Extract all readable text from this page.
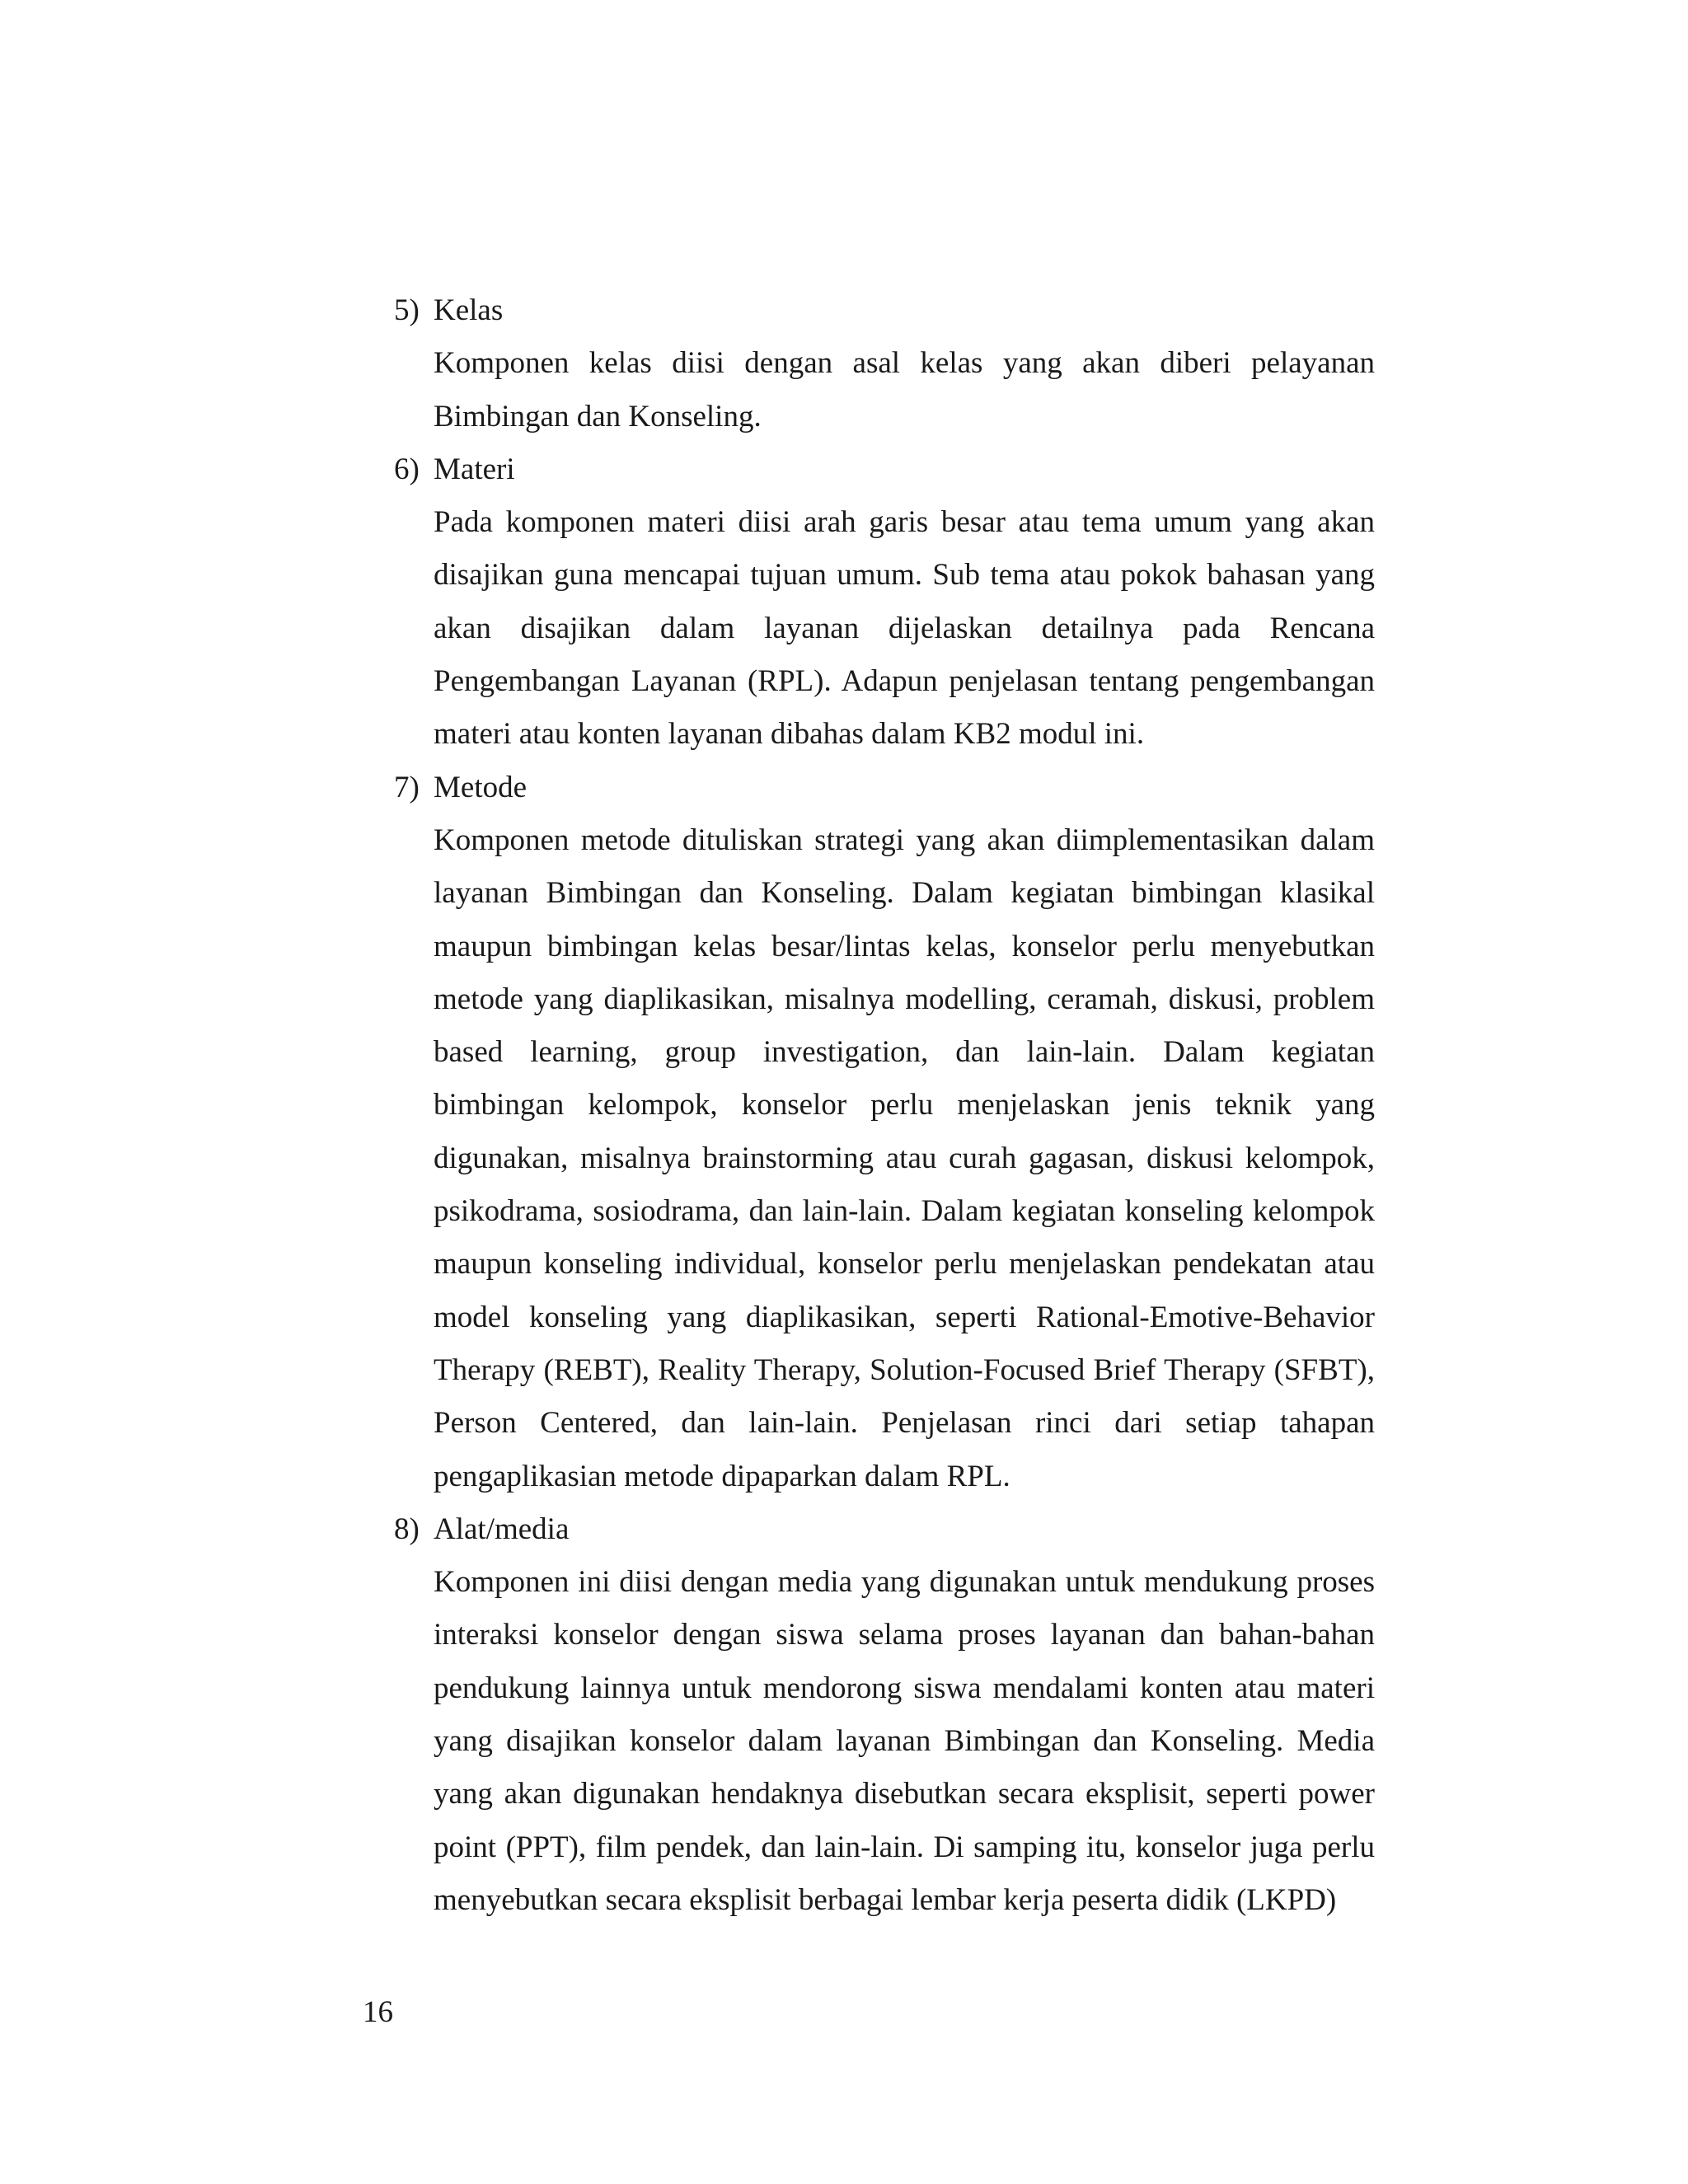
5) Kelas

Komponen kelas diisi dengan asal kelas yang akan diberi pelayanan Bimbingan dan Konseling.

6) Materi

Pada komponen materi diisi arah garis besar atau tema umum yang akan disajikan guna mencapai tujuan umum. Sub tema atau pokok bahasan yang akan disajikan dalam layanan dijelaskan detailnya pada Rencana Pengembangan Layanan (RPL). Adapun penjelasan tentang pengembangan materi atau konten layanan dibahas dalam KB2 modul ini.

7) Metode

Komponen metode dituliskan strategi yang akan diimplementasikan dalam layanan Bimbingan dan Konseling. Dalam kegiatan bimbingan klasikal maupun bimbingan kelas besar/lintas kelas, konselor perlu menyebutkan metode yang diaplikasikan, misalnya modelling, ceramah, diskusi, problem based learning, group investigation, dan lain-lain. Dalam kegiatan bimbingan kelompok, konselor perlu menjelaskan jenis teknik yang digunakan, misalnya brainstorming atau curah gagasan, diskusi kelompok, psikodrama, sosiodrama, dan lain-lain. Dalam kegiatan konseling kelompok maupun konseling individual, konselor perlu menjelaskan pendekatan atau model konseling yang diaplikasikan, seperti Rational-Emotive-Behavior Therapy (REBT), Reality Therapy, Solution-Focused Brief Therapy (SFBT), Person Centered, dan lain-lain. Penjelasan rinci dari setiap tahapan pengaplikasian metode dipaparkan dalam RPL.

8) Alat/media

Komponen ini diisi dengan media yang digunakan untuk mendukung proses interaksi konselor dengan siswa selama proses layanan dan bahan-bahan pendukung lainnya untuk mendorong siswa mendalami konten atau materi yang disajikan konselor dalam layanan Bimbingan dan Konseling. Media yang akan digunakan hendaknya disebutkan secara eksplisit, seperti power point (PPT), film pendek, dan lain-lain. Di samping itu, konselor juga perlu menyebutkan secara eksplisit berbagai lembar kerja peserta didik (LKPD)

16
